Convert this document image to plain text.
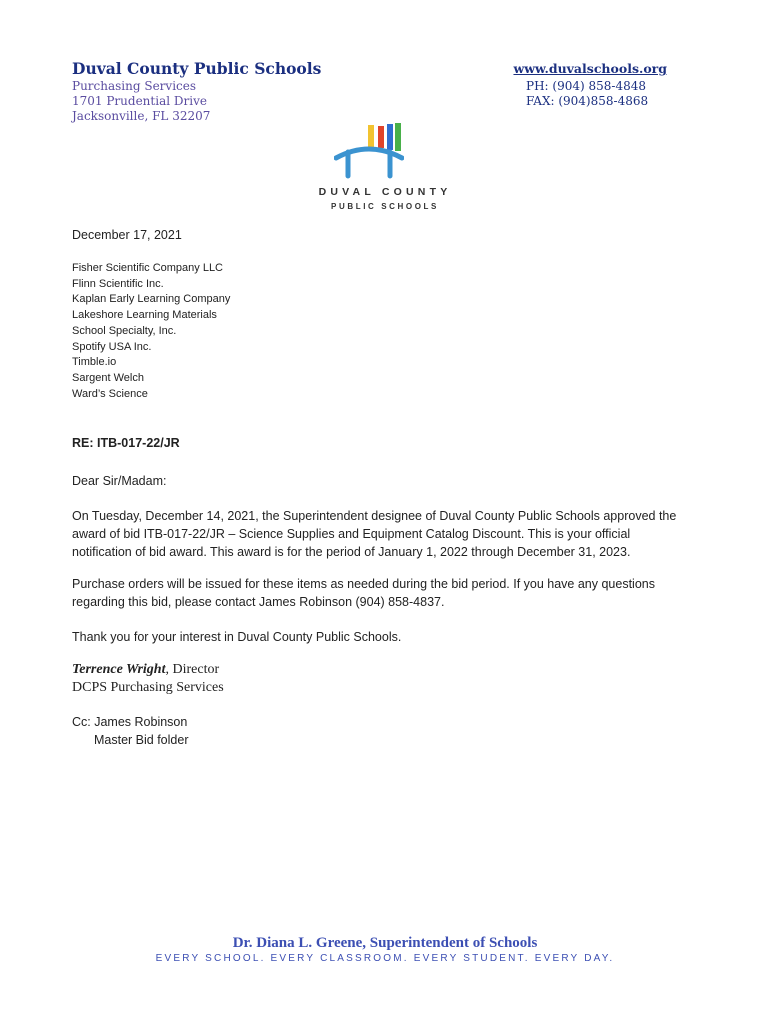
Duval County Public Schools
Purchasing Services
1701 Prudential Drive
Jacksonville, FL 32207
www.duvalschools.org
PH: (904) 858-4848
FAX: (904)858-4868
DUVAL COUNTY
PUBLIC SCHOOLS
December 17, 2021
Fisher Scientific Company LLC
Flinn Scientific Inc.
Kaplan Early Learning Company
Lakeshore Learning Materials
School Specialty, Inc.
Spotify USA Inc.
Timble.io
Sargent Welch
Ward’s Science
RE: ITB-017-22/JR
Dear Sir/Madam:
On Tuesday, December 14, 2021, the Superintendent designee of Duval County Public Schools approved the
award of bid ITB-017-22/JR – Science Supplies and Equipment Catalog Discount. This is your official
notification of bid award. This award is for the period of January 1, 2022 through December 31, 2023.
Purchase orders will be issued for these items as needed during the bid period. If you have any questions
regarding this bid, please contact James Robinson (904) 858-4837.
Thank you for your interest in Duval County Public Schools.
Terrence Wright, Director
DCPS Purchasing Services
Cc: James Robinson
Master Bid folder
Dr. Diana L. Greene, Superintendent of Schools
EVERY SCHOOL. EVERY CLASSROOM. EVERY STUDENT. EVERY DAY.
